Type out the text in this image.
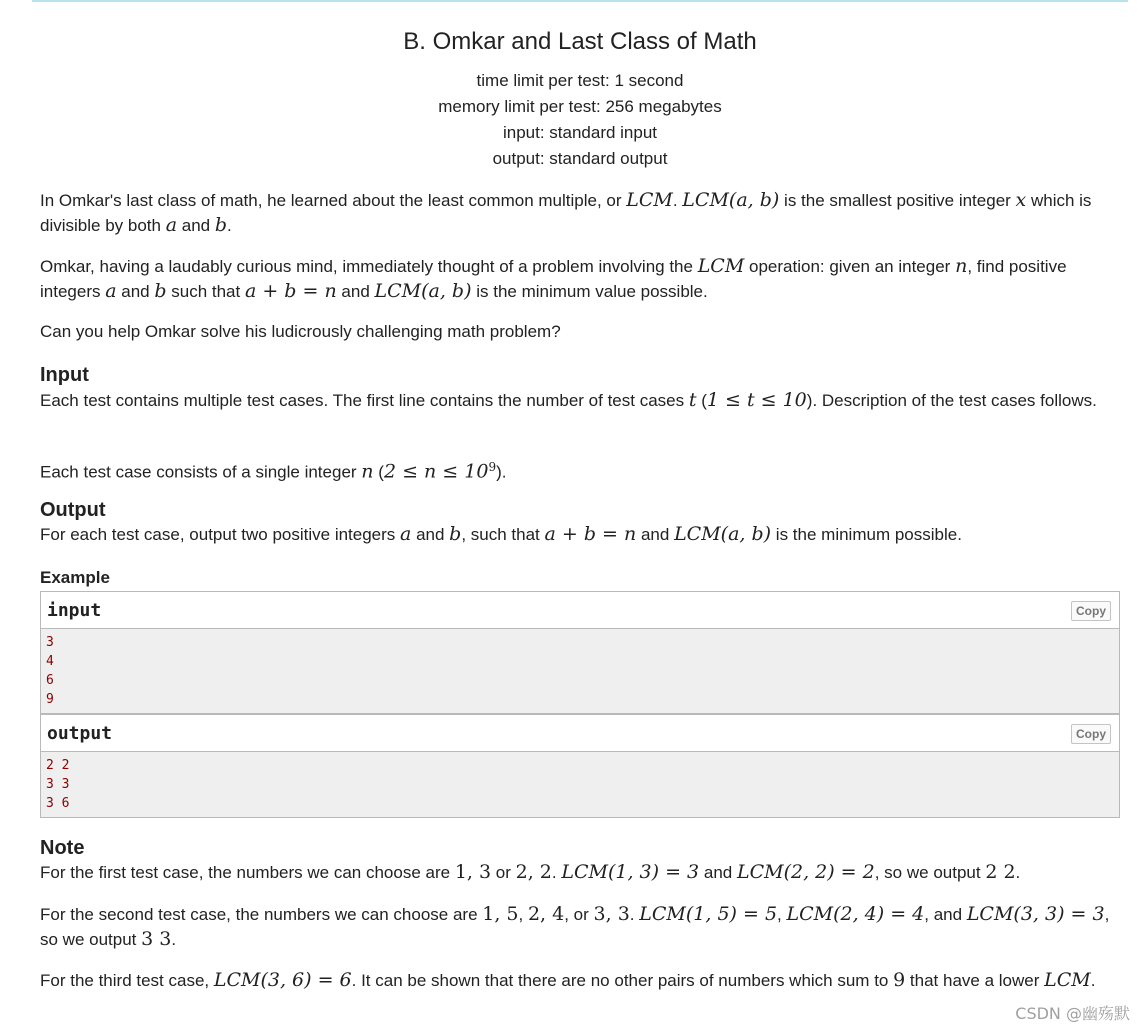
B. Omkar and Last Class of Math
time limit per test: 1 second
memory limit per test: 256 megabytes
input: standard input
output: standard output

In Omkar's last class of math, he learned about the least common multiple, or LCM. LCM(a, b) is the smallest positive integer x which is divisible by both a and b.

Omkar, having a laudably curious mind, immediately thought of a problem involving the LCM operation: given an integer n, find positive integers a and b such that a + b = n and LCM(a, b) is the minimum value possible.

Can you help Omkar solve his ludicrously challenging math problem?

Input

Each test contains multiple test cases. The first line contains the number of test cases t (1 ≤ t ≤ 10). Description of the test cases follows.

Each test case consists of a single integer n $(2 \le n \le 10^9)$.

Output

For each test case, output two positive integers a and b, such that a + b = n and LCM(a, b) is the minimum possible.

Example
input	Copy
3
4
6
9
output	Copy
2 2
3 3
3 6
Note

For the first test case, the numbers we can choose are 1, 3 or 2, 2. LCM(1, 3) = 3 and LCM(2, 2) = 2, so we output 2 2.

For the second test case, the numbers we can choose are 1, 5, 2, 4, or 3, 3. LCM(1, 5) = 5, LCM(2, 4) = 4, and LCM(3, 3) = 3, so we output 3 3.

For the third test case, LCM(3, 6) = 6. It can be shown that there are no other pairs of numbers which sum to 9 that have a lower LCM.

CSDN @幽殇默
